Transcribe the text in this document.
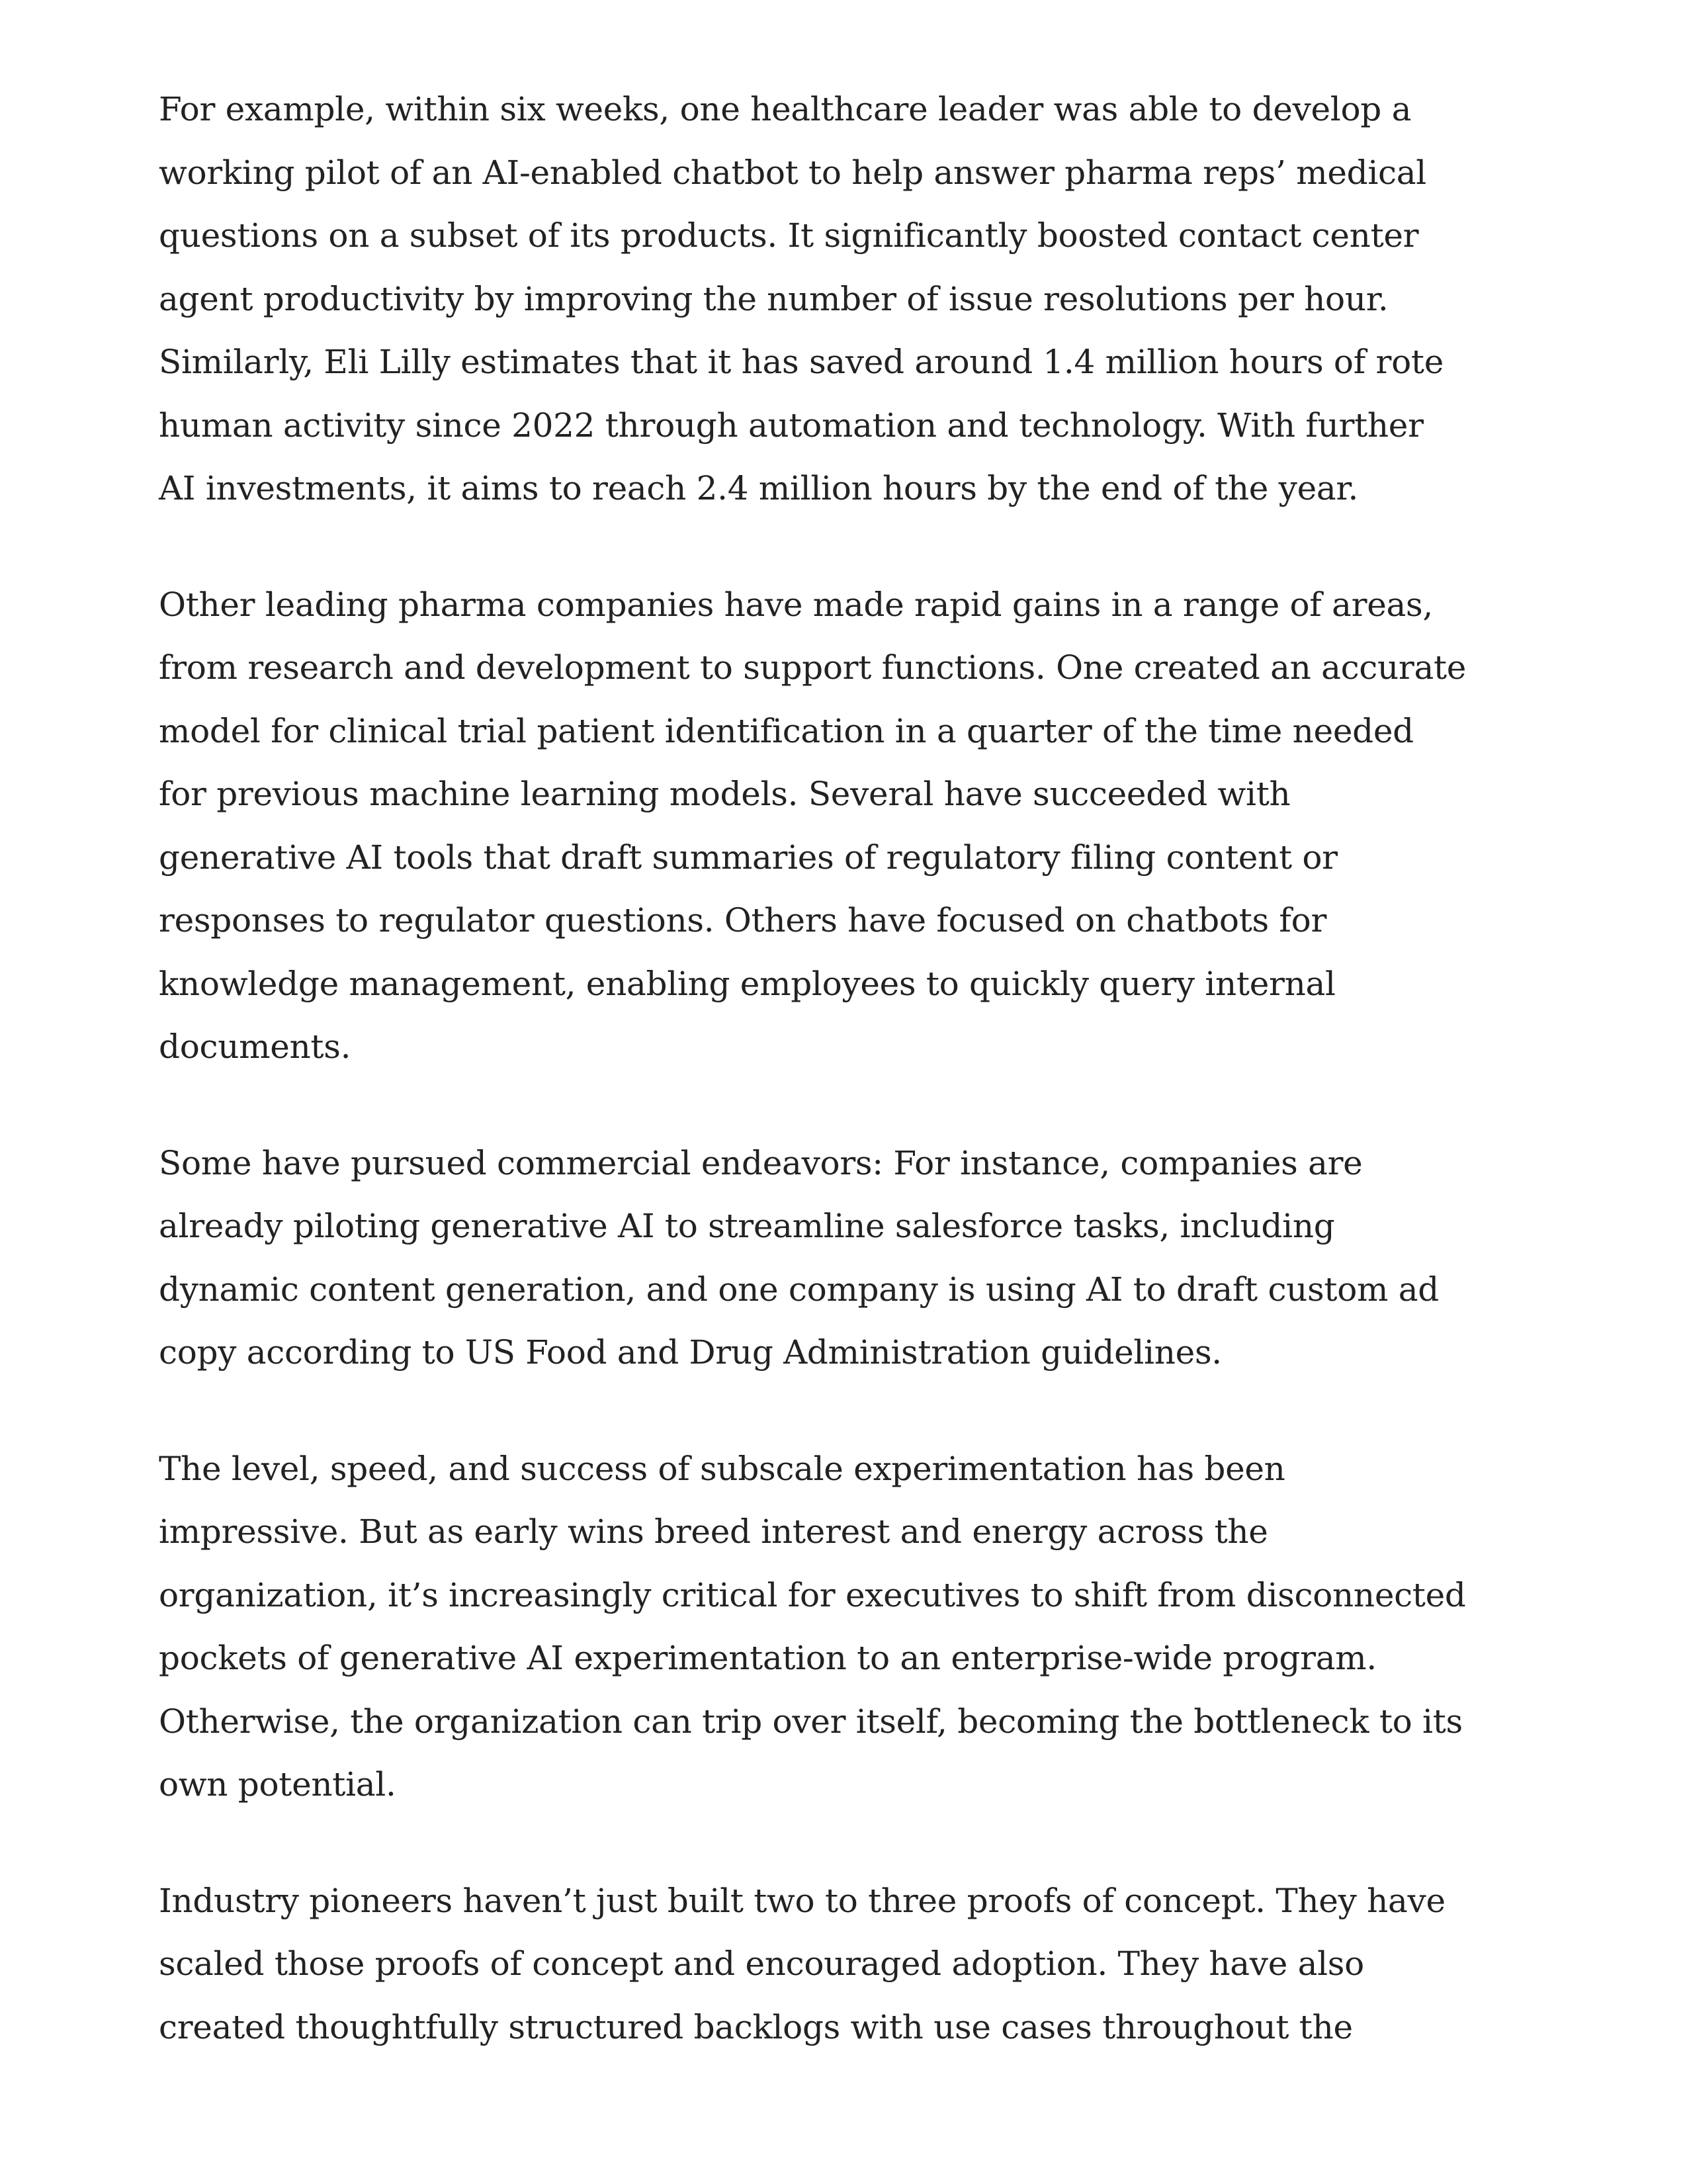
For example, within six weeks, one healthcare leader was able to develop a
working pilot of an AI-enabled chatbot to help answer pharma reps’ medical
questions on a subset of its products. It significantly boosted contact center
agent productivity by improving the number of issue resolutions per hour.
Similarly, Eli Lilly estimates that it has saved around 1.4 million hours of rote
human activity since 2022 through automation and technology. With further
AI investments, it aims to reach 2.4 million hours by the end of the year.

Other leading pharma companies have made rapid gains in a range of areas,
from research and development to support functions. One created an accurate
model for clinical trial patient identification in a quarter of the time needed
for previous machine learning models. Several have succeeded with
generative AI tools that draft summaries of regulatory filing content or
responses to regulator questions. Others have focused on chatbots for
knowledge management, enabling employees to quickly query internal
documents.

Some have pursued commercial endeavors: For instance, companies are
already piloting generative AI to streamline salesforce tasks, including
dynamic content generation, and one company is using AI to draft custom ad
copy according to US Food and Drug Administration guidelines.

The level, speed, and success of subscale experimentation has been
impressive. But as early wins breed interest and energy across the
organization, it’s increasingly critical for executives to shift from disconnected
pockets of generative AI experimentation to an enterprise-wide program.
Otherwise, the organization can trip over itself, becoming the bottleneck to its
own potential.

Industry pioneers haven’t just built two to three proofs of concept. They have
scaled those proofs of concept and encouraged adoption. They have also
created thoughtfully structured backlogs with use cases throughout the
